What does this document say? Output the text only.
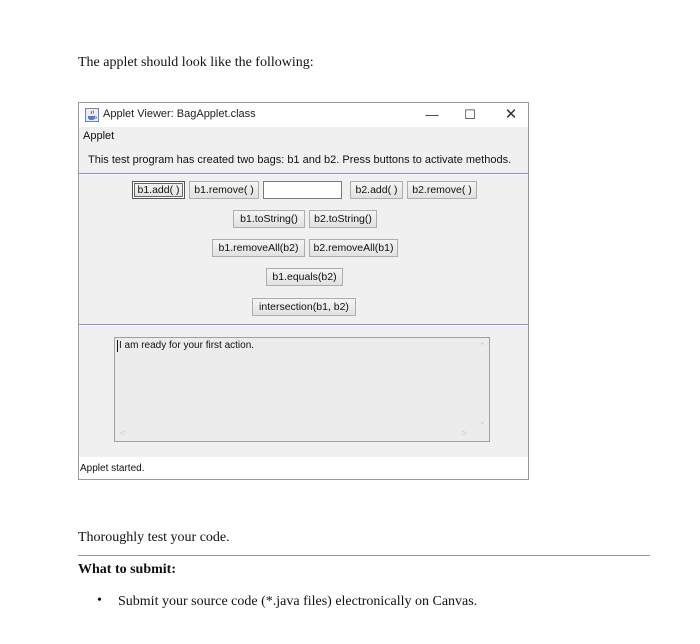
The applet should look like the following:
Applet Viewer: BagApplet.class	—	☐	✕
Applet
This test program has created two bags: b1 and b2. Press buttons to activate methods.
b1.add( )	b1.remove( )	b2.add( )	b2.remove( )
b1.toString()	b2.toString()
b1.removeAll(b2)	b2.removeAll(b1)
b1.equals(b2)
intersection(b1, b2)
I am ready for your first action.	⌃
⌄
<	>
Applet started.
Thoroughly test your code.
What to submit:
• Submit your source code (*.java files) electronically on Canvas.
